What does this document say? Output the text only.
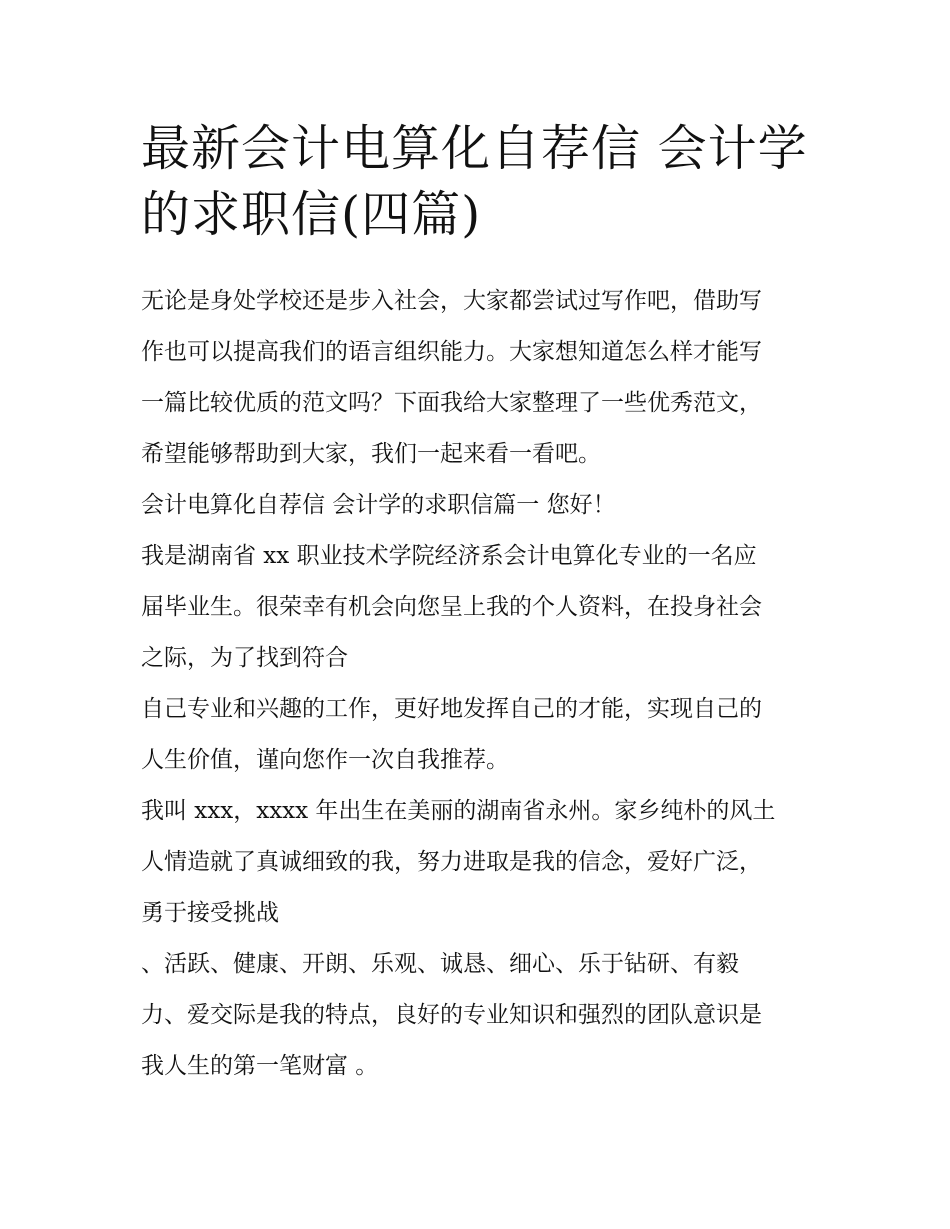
最新会计电算化自荐信 会计学
的求职信(四篇)
无论是身处学校还是步入社会，大家都尝试过写作吧，借助写
作也可以提高我们的语言组织能力。大家想知道怎么样才能写
一篇比较优质的范文吗？下面我给大家整理了一些优秀范文，
希望能够帮助到大家，我们一起来看一看吧。
会计电算化自荐信 会计学的求职信篇一 您好！
我是湖南省 xx 职业技术学院经济系会计电算化专业的一名应
届毕业生。很荣幸有机会向您呈上我的个人资料，在投身社会
之际，为了找到符合
自己专业和兴趣的工作，更好地发挥自己的才能，实现自己的
人生价值，谨向您作一次自我推荐。
我叫 xxx，xxxx 年出生在美丽的湖南省永州。家乡纯朴的风土
人情造就了真诚细致的我，努力进取是我的信念，爱好广泛，
勇于接受挑战
、活跃、健康、开朗、乐观、诚恳、细心、乐于钻研、有毅
力、爱交际是我的特点，良好的专业知识和强烈的团队意识是
我人生的第一笔财富 。
